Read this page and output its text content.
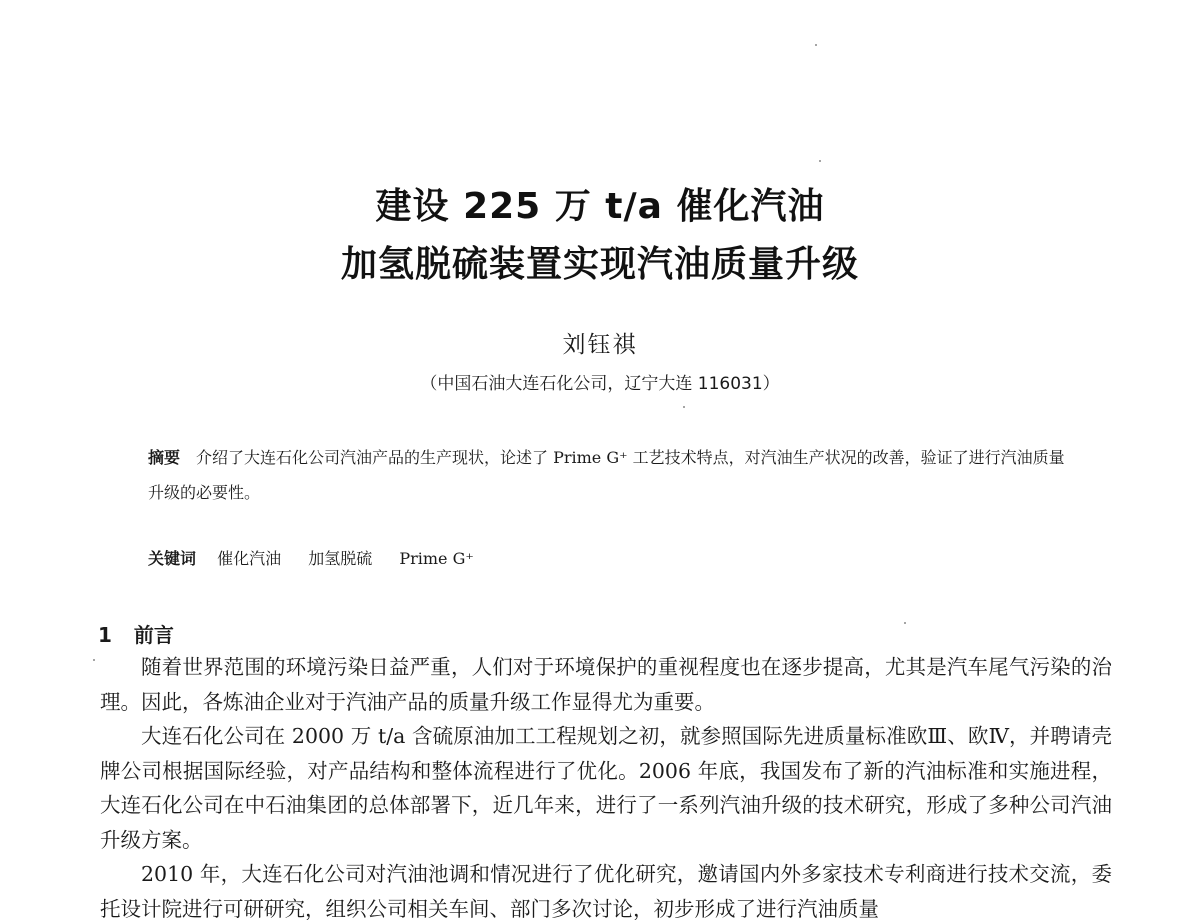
建设 225 万 t/a 催化汽油
加氢脱硫装置实现汽油质量升级
刘钰祺
（中国石油大连石化公司，辽宁大连 116031）
摘要 介绍了大连石化公司汽油产品的生产现状，论述了 Prime G⁺ 工艺技术特点，对汽油生产状况的改善，验证了进行汽油质量升级的必要性。
关键词 催化汽油 加氢脱硫 Prime G⁺
1 前言

随着世界范围的环境污染日益严重，人们对于环境保护的重视程度也在逐步提高，尤其是汽车尾气污染的治理。因此，各炼油企业对于汽油产品的质量升级工作显得尤为重要。

大连石化公司在 2000 万 t/a 含硫原油加工工程规划之初，就参照国际先进质量标准欧Ⅲ、欧Ⅳ，并聘请壳牌公司根据国际经验，对产品结构和整体流程进行了优化。2006 年底，我国发布了新的汽油标准和实施进程，大连石化公司在中石油集团的总体部署下，近几年来，进行了一系列汽油升级的技术研究，形成了多种公司汽油升级方案。

2010 年，大连石化公司对汽油池调和情况进行了优化研究，邀请国内外多家技术专利商进行技术交流，委托设计院进行可研研究，组织公司相关车间、部门多次讨论，初步形成了进行汽油质量
